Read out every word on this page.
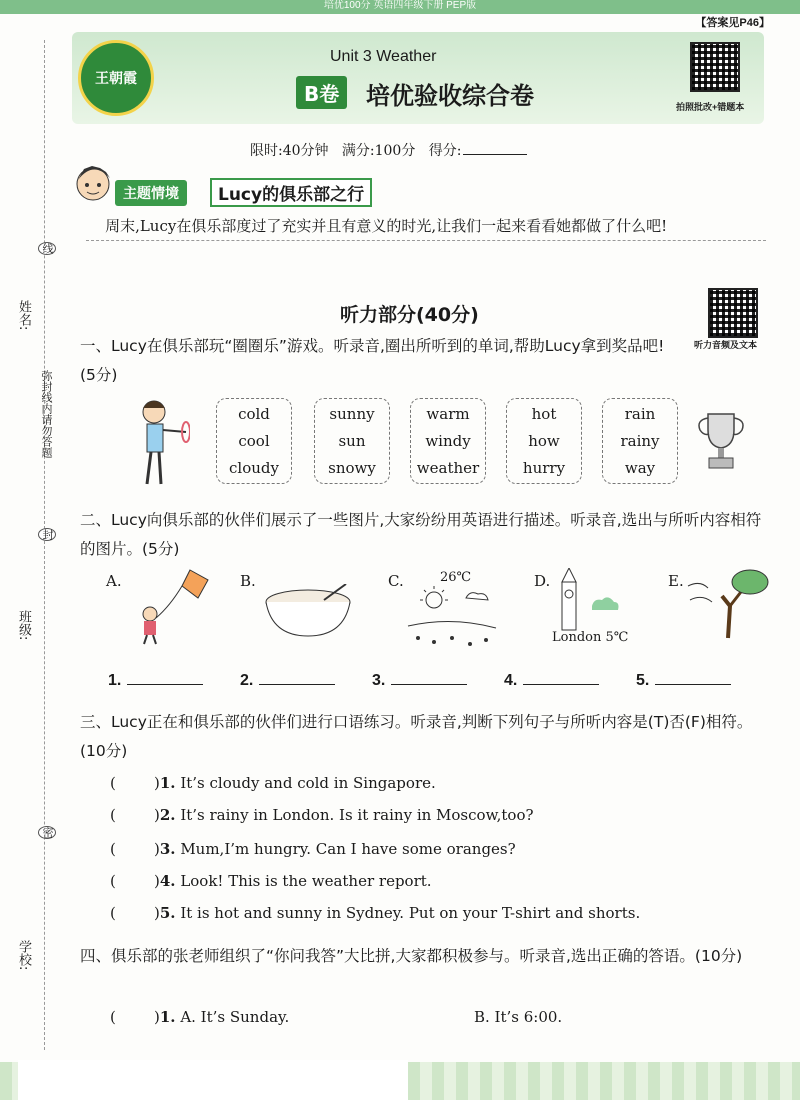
培优100分 英语四年级下册 PEP版
【答案见P46】
姓名:
班级:
学校:
弥封线内请勿答题
线
封
密
王朝霞
Unit 3 Weather
B卷	培优验收综合卷	拍照批改+错题本
限时:40分钟 满分:100分 得分:
主题情境	Lucy的俱乐部之行
周末,Lucy在俱乐部度过了充实并且有意义的时光,让我们一起来看看她都做了什么吧!
听力部分(40分)
听力音频及文本
一、Lucy在俱乐部玩“圈圈乐”游戏。听录音,圈出所听到的单词,帮助Lucy拿到奖品吧!(5分)
cold
cool
cloudy
sunny
sun
snowy
warm
windy
weather
hot
how
hurry
rain
rainy
way
二、Lucy向俱乐部的伙伴们展示了一些图片,大家纷纷用英语进行描述。听录音,选出与所听内容相符的图片。(5分)
A.	B.	C.	26℃	D.
London 5℃
E.
1.	2.	3.	4.	5.
三、Lucy正在和俱乐部的伙伴们进行口语练习。听录音,判断下列句子与所听内容是(T)否(F)相符。(10分)
(        )1. It’s cloudy and cold in Singapore.
(        )2. It’s rainy in London. Is it rainy in Moscow,too?
(        )3. Mum,I’m hungry. Can I have some oranges?
(        )4. Look! This is the weather report.
(        )5. It is hot and sunny in Sydney. Put on your T-shirt and shorts.
四、俱乐部的张老师组织了“你问我答”大比拼,大家都积极参与。听录音,选出正确的答语。(10分)
(        )1. A. It’s Sunday.	B. It’s 6:00.
